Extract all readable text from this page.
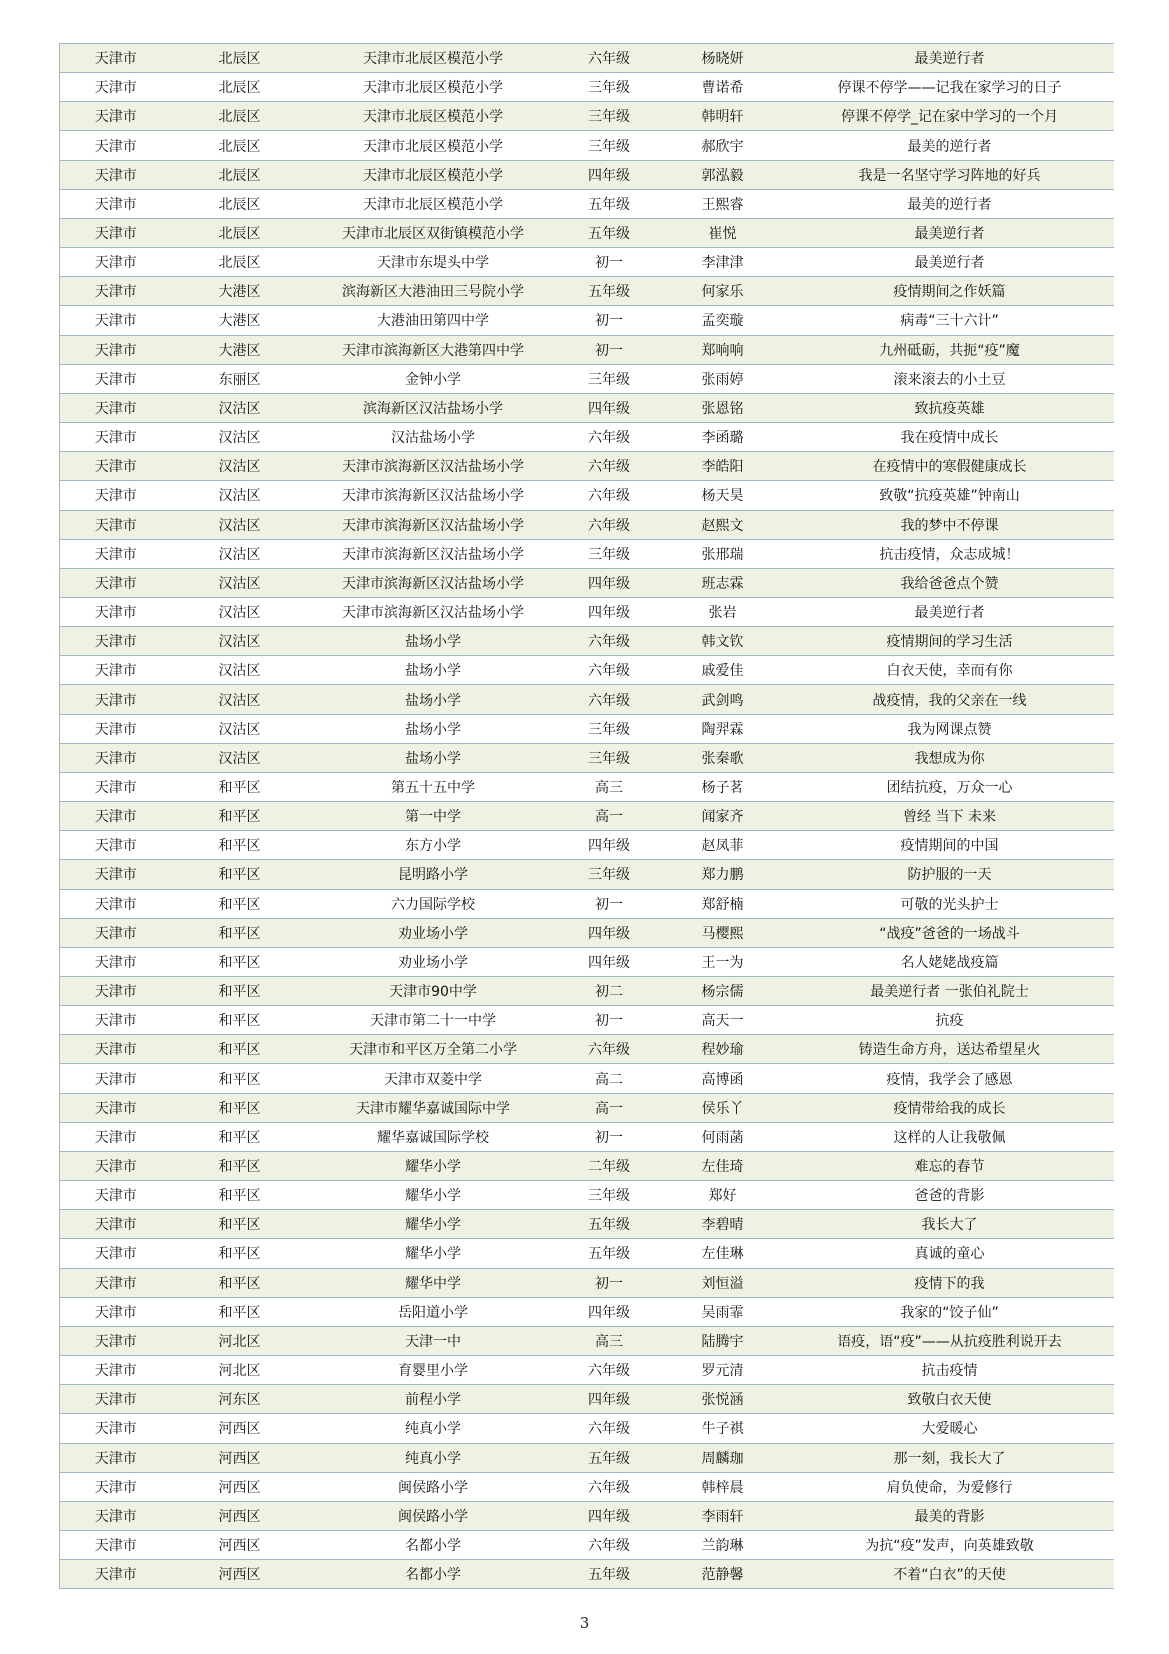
天津市	北辰区	天津市北辰区模范小学	六年级	杨晓妍	最美逆行者
天津市	北辰区	天津市北辰区模范小学	三年级	曹诺希	停课不停学——记我在家学习的日子
天津市	北辰区	天津市北辰区模范小学	三年级	韩明轩	停课不停学_记在家中学习的一个月
天津市	北辰区	天津市北辰区模范小学	三年级	郝欣宇	最美的逆行者
天津市	北辰区	天津市北辰区模范小学	四年级	郭泓毅	我是一名坚守学习阵地的好兵
天津市	北辰区	天津市北辰区模范小学	五年级	王熙睿	最美的逆行者
天津市	北辰区	天津市北辰区双街镇模范小学	五年级	崔悦	最美逆行者
天津市	北辰区	天津市东堤头中学	初一	李津津	最美逆行者
天津市	大港区	滨海新区大港油田三号院小学	五年级	何家乐	疫情期间之作妖篇
天津市	大港区	大港油田第四中学	初一	孟奕璇	病毒“三十六计”
天津市	大港区	天津市滨海新区大港第四中学	初一	郑响响	九州砥砺，共扼“疫”魔
天津市	东丽区	金钟小学	三年级	张雨婷	滚来滚去的小土豆
天津市	汉沽区	滨海新区汉沽盐场小学	四年级	张恩铭	致抗疫英雄
天津市	汉沽区	汉沽盐场小学	六年级	李函璐	我在疫情中成长
天津市	汉沽区	天津市滨海新区汉沽盐场小学	六年级	李皓阳	在疫情中的寒假健康成长
天津市	汉沽区	天津市滨海新区汉沽盐场小学	六年级	杨天昊	致敬“抗疫英雄”钟南山
天津市	汉沽区	天津市滨海新区汉沽盐场小学	六年级	赵熙文	我的梦中不停课
天津市	汉沽区	天津市滨海新区汉沽盐场小学	三年级	张邢瑞	抗击疫情，众志成城！
天津市	汉沽区	天津市滨海新区汉沽盐场小学	四年级	班志霖	我给爸爸点个赞
天津市	汉沽区	天津市滨海新区汉沽盐场小学	四年级	张岩	最美逆行者
天津市	汉沽区	盐场小学	六年级	韩文钦	疫情期间的学习生活
天津市	汉沽区	盐场小学	六年级	戚爱佳	白衣天使，幸而有你
天津市	汉沽区	盐场小学	六年级	武剑鸣	战疫情，我的父亲在一线
天津市	汉沽区	盐场小学	三年级	陶羿霖	我为网课点赞
天津市	汉沽区	盐场小学	三年级	张秦歌	我想成为你
天津市	和平区	第五十五中学	高三	杨子茗	团结抗疫，万众一心
天津市	和平区	第一中学	高一	闻家齐	曾经 当下 未来
天津市	和平区	东方小学	四年级	赵凤菲	疫情期间的中国
天津市	和平区	昆明路小学	三年级	郑力鹏	防护服的一天
天津市	和平区	六力国际学校	初一	郑舒楠	可敬的光头护士
天津市	和平区	劝业场小学	四年级	马樱熙	“战疫”爸爸的一场战斗
天津市	和平区	劝业场小学	四年级	王一为	名人姥姥战疫篇
天津市	和平区	天津市90中学	初二	杨宗儒	最美逆行者 一张伯礼院士
天津市	和平区	天津市第二十一中学	初一	高天一	抗疫
天津市	和平区	天津市和平区万全第二小学	六年级	程妙瑜	铸造生命方舟，送达希望星火
天津市	和平区	天津市双菱中学	高二	高博函	疫情，我学会了感恩
天津市	和平区	天津市耀华嘉诚国际中学	高一	侯乐丫	疫情带给我的成长
天津市	和平区	耀华嘉诚国际学校	初一	何雨菡	这样的人让我敬佩
天津市	和平区	耀华小学	二年级	左佳琦	难忘的春节
天津市	和平区	耀华小学	三年级	郑好	爸爸的背影
天津市	和平区	耀华小学	五年级	李碧晴	我长大了
天津市	和平区	耀华小学	五年级	左佳琳	真诚的童心
天津市	和平区	耀华中学	初一	刘恒溢	疫情下的我
天津市	和平区	岳阳道小学	四年级	吴雨霏	我家的“饺子仙”
天津市	河北区	天津一中	高三	陆腾宇	语疫，语“疫”——从抗疫胜利说开去
天津市	河北区	育婴里小学	六年级	罗元清	抗击疫情
天津市	河东区	前程小学	四年级	张悦涵	致敬白衣天使
天津市	河西区	纯真小学	六年级	牛子祺	大爱暖心
天津市	河西区	纯真小学	五年级	周麟珈	那一刻，我长大了
天津市	河西区	闽侯路小学	六年级	韩梓晨	肩负使命，为爱修行
天津市	河西区	闽侯路小学	四年级	李雨轩	最美的背影
天津市	河西区	名都小学	六年级	兰韵琳	为抗“疫”发声，向英雄致敬
天津市	河西区	名都小学	五年级	范静馨	不着“白衣”的天使
3
